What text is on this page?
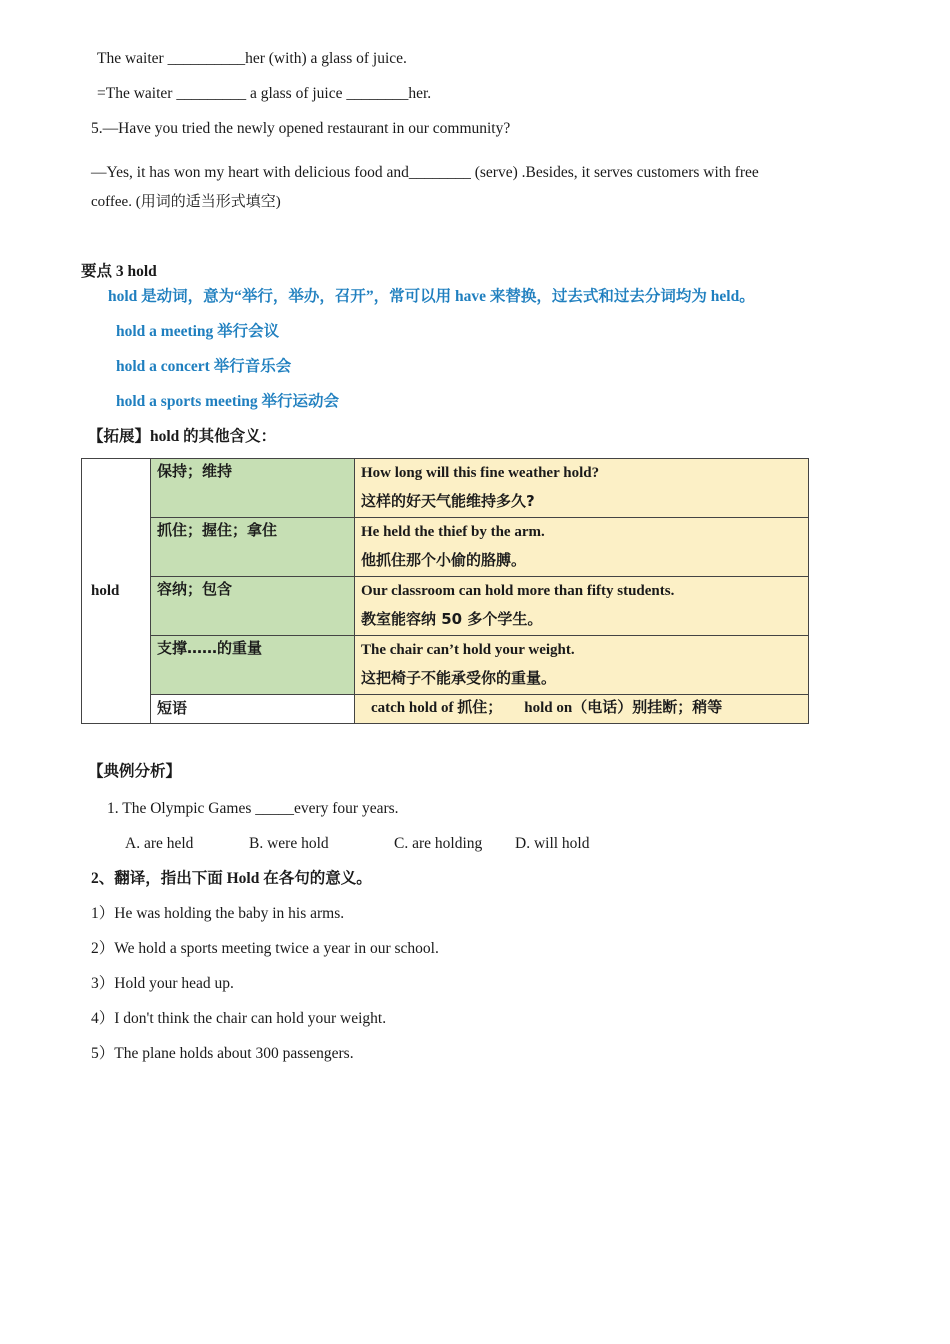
The waiter __________her (with) a glass of juice.
=The waiter _________ a glass of juice ________her.
5.—Have you tried the newly opened restaurant in our community?
—Yes, it has won my heart with delicious food and________ (serve) .Besides, it serves customers with free
coffee. (用词的适当形式填空)
要点 3 hold
hold 是动词，意为“举行，举办，召开”，常可以用 have 来替换，过去式和过去分词均为 held。
hold a meeting 举行会议
hold a concert 举行音乐会
hold a sports meeting 举行运动会
【拓展】hold 的其他含义：
hold	保持；维持	How long will this fine weather hold?
这样的好天气能维持多久?

	抓住；握住；拿住	He held the thief by the arm.
他抓住那个小偷的胳膊。

	容纳；包含	Our classroom can hold more than fifty students.
教室能容纳 50 多个学生。

	支撑……的重量	The chair can’t hold your weight.
这把椅子不能承受你的重量。

	短语	catch hold of 抓住； hold on（电话）别挂断；稍等
【典例分析】
1. The Olympic Games _____every four years.
A. are held	B. were hold	C. are holding D. will hold
2、翻译，指出下面 Hold 在各句的意义。
1）He was holding the baby in his arms.
2）We hold a sports meeting twice a year in our school.
3）Hold your head up.
4）I don't think the chair can hold your weight.
5）The plane holds about 300 passengers.
